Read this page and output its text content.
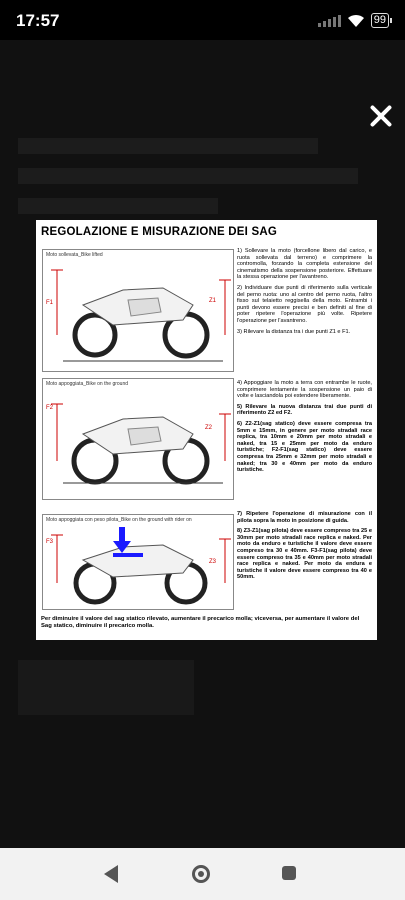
17:57	99
REGOLAZIONE E MISURAZIONE DEI SAG
Moto sollevata_Bike lifted
F1	Z1
Moto appoggiata_Bike on the ground
F2
Z2
Moto appoggiata con peso pilota_Bike on the ground with rider on
F3
Z3

1) Sollevare la moto (forcellone libero dal carico, e ruota sollevata dal terreno) e comprimere la contromolla, forzando la completa estensione del cinematismo della sospensione posteriore. Effettuare la stessa operazione per l'avantreno.

2) Individuare due punti di riferimento sulla verticale del perno ruota: uno al centro del perno ruota, l'altro fisso sul telaietto reggisella della moto. Entrambi i punti devono essere precisi e ben definiti al fine di poter ripetere l'operazione più volte. Ripetere l'operazione per l'avantreno.

3) Rilevare la distanza tra i due punti Z1 e F1.

4) Appoggiare la moto a terra con entrambe le ruote, comprimere lentamente la sospensione un paio di volte e lasciandola poi estendere liberamente.

5) Rilevare la nuova distanza trai due punti di riferimento Z2 ed F2.

6) Z2-Z1(sag statico) deve essere compresa tra 5mm e 15mm, in genere per moto stradali race replica, tra 10mm e 20mm per moto stradali e naked, tra 15 e 25mm per moto da enduro turistiche; F2-F1(sag statico) deve essere compresa tra 25mm e 32mm per moto stradali e naked; tra 30 e 40mm per moto da enduro turistiche.

7) Ripetere l'operazione di misurazione con il pilota sopra la moto in posizione di guida.

8) Z3-Z1(sag pilota) deve essere compreso tra 25 e 30mm per moto stradali race replica e naked. Per moto da enduro e turistiche il valore deve essere compreso tra 30 e 40mm. F3-F1(sag pilota) deve essere compreso tra 35 e 40mm per moto stradali race replica e naked. Per moto da endura e turistiche il valore deve essere compreso tra 40 e 50mm.

Per diminuire il valore del sag statico rilevato, aumentare il precarico molla; viceversa, per aumentare il valore del Sag statico, diminuire il precarico molla.
